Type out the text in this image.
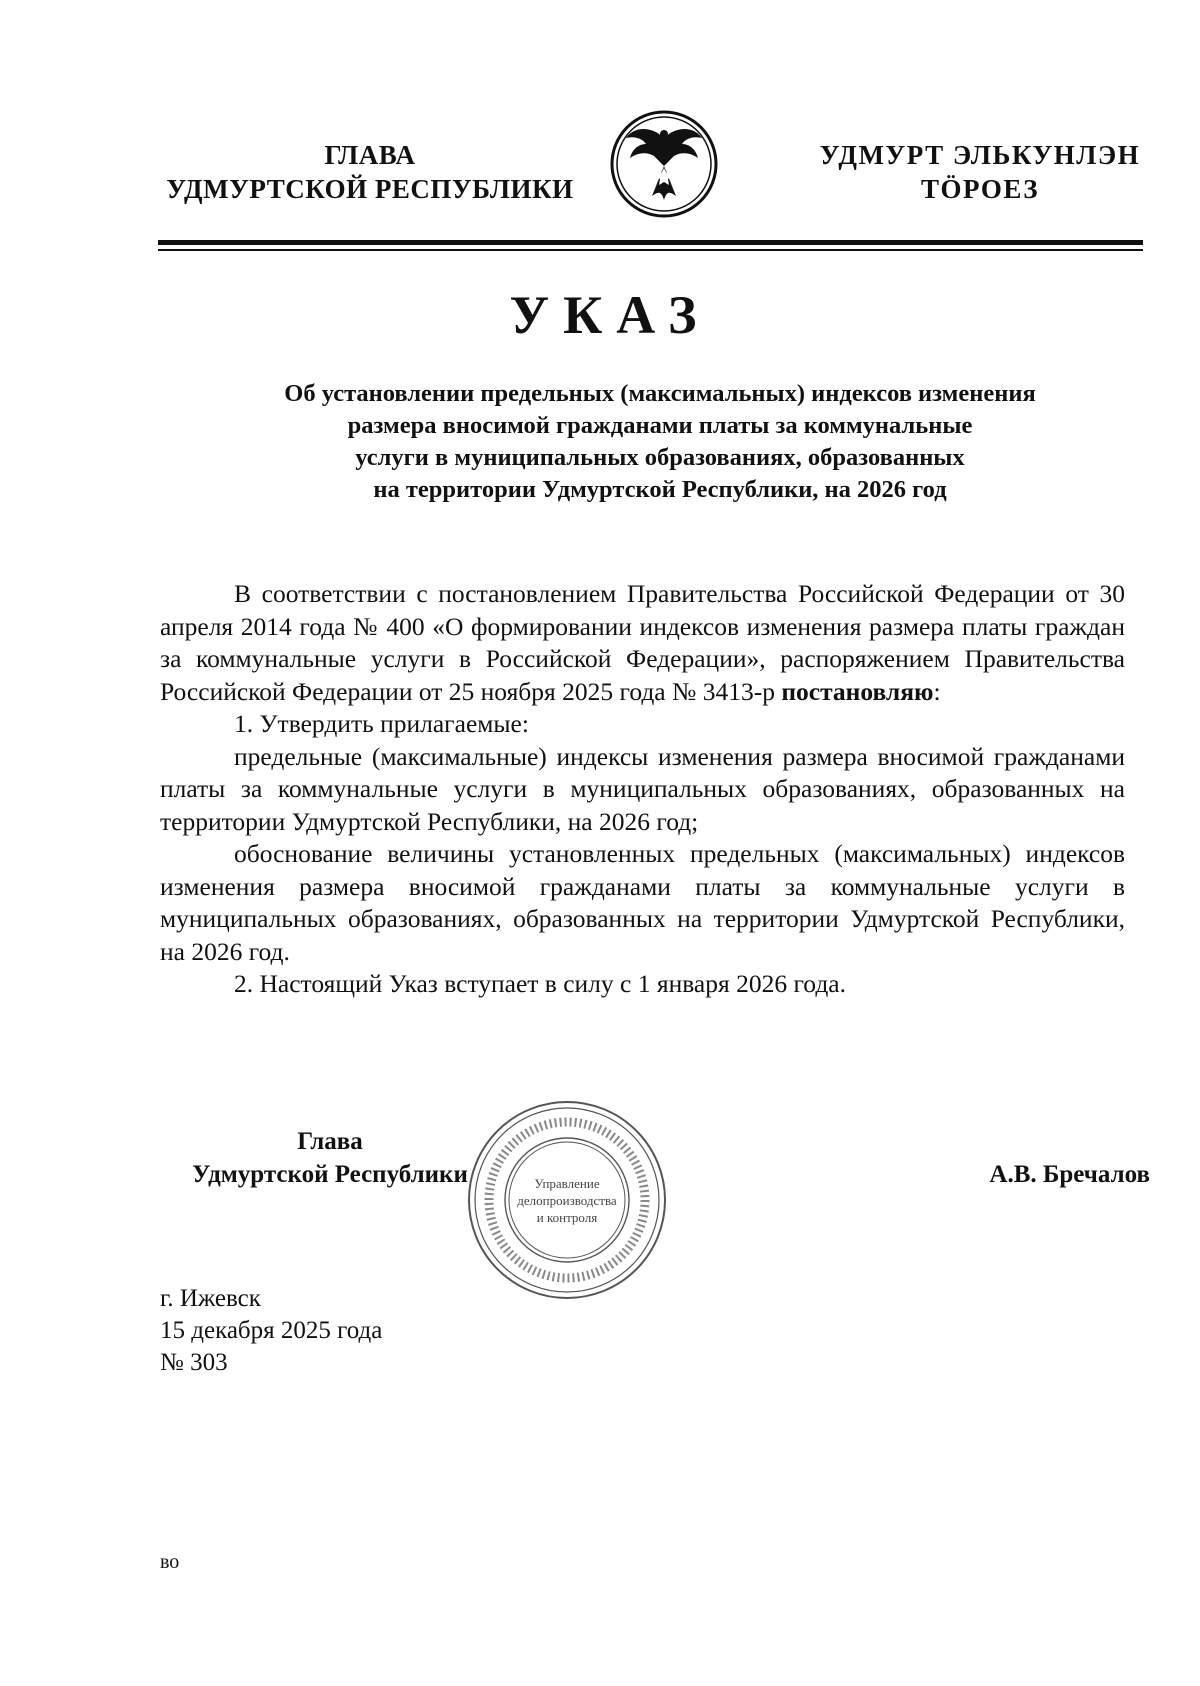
ГЛАВА
УДМУРТСКОЙ РЕСПУБЛИКИ
УДМУРТ ЭЛЬКУНЛЭН
ТӦРОЕЗ
УКАЗ
Об установлении предельных (максимальных) индексов изменения
размера вносимой гражданами платы за коммунальные
услуги в муниципальных образованиях, образованных
на территории Удмуртской Республики, на 2026 год

В соответствии с постановлением Правительства Российской Федерации от 30 апреля 2014 года № 400 «О формировании индексов изменения размера платы граждан за коммунальные услуги в Российской Федерации», распоряжением Правительства Российской Федерации от 25 ноября 2025 года № 3413-р постановляю:

1. Утвердить прилагаемые:

предельные (максимальные) индексы изменения размера вносимой гражданами платы за коммунальные услуги в муниципальных образованиях, образованных на территории Удмуртской Республики, на 2026 год;

обоснование величины установленных предельных (максимальных) индексов изменения размера вносимой гражданами платы за коммунальные услуги в муниципальных образованиях, образованных на территории Удмуртской Республики, на 2026 год.

2. Настоящий Указ вступает в силу с 1 января 2026 года.

Глава
Удмуртской Республики	Управление
делопроизводства
и контроля
А.В. Бречалов
г. Ижевск
15 декабря 2025 года
№ 303
во
